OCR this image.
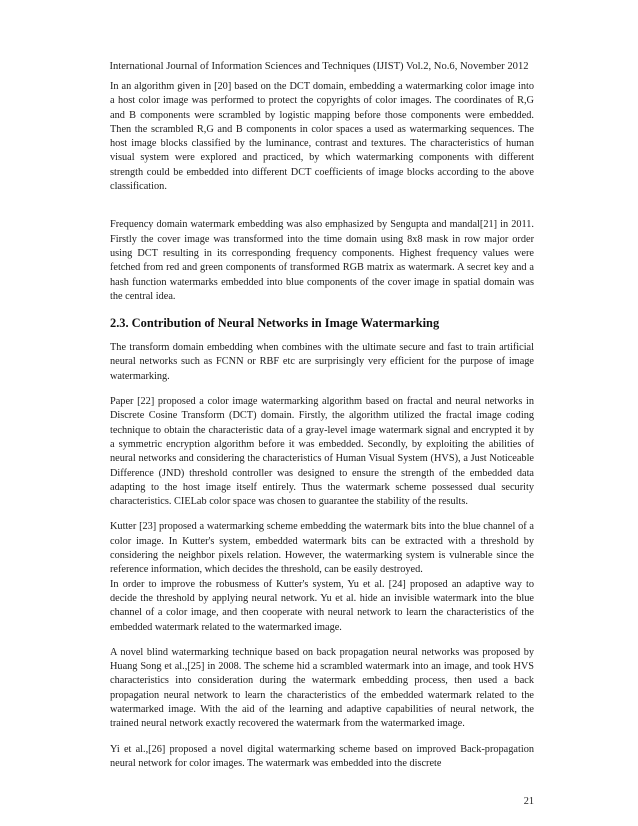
International Journal of Information Sciences and Techniques (IJIST) Vol.2, No.6, November 2012

In an algorithm given in [20] based on the DCT domain, embedding a watermarking color image into a host color image was performed to protect the copyrights of color images. The coordinates of R,G and B components were scrambled by logistic mapping before those components were embedded. Then the scrambled R,G and B components in color spaces a used as watermarking sequences. The host image blocks classified by the luminance, contrast and textures. The characteristics of human visual system were explored and practiced, by which watermarking components with different strength could be embedded into different DCT coefficients of image blocks according to the above classification.

Frequency domain watermark embedding was also emphasized by Sengupta and mandal[21] in 2011. Firstly the cover image was transformed into the time domain using 8x8 mask in row major order using DCT resulting in its corresponding frequency components. Highest frequency values were fetched from red and green components of transformed RGB matrix as watermark. A secret key and a hash function watermarks embedded into blue components of the cover image in spatial domain was the central idea.

2.3. Contribution of Neural Networks in Image Watermarking

The transform domain embedding when combines with the ultimate secure and fast to train artificial neural networks such as FCNN or RBF etc are surprisingly very efficient for the purpose of image watermarking.

Paper [22] proposed a color image watermarking algorithm based on fractal and neural networks in Discrete Cosine Transform (DCT) domain. Firstly, the algorithm utilized the fractal image coding technique to obtain the characteristic data of a gray-level image watermark signal and encrypted it by a symmetric encryption algorithm before it was embedded. Secondly, by exploiting the abilities of neural networks and considering the characteristics of Human Visual System (HVS), a Just Noticeable Difference (JND) threshold controller was designed to ensure the strength of the embedded data adapting to the host image itself entirely. Thus the watermark scheme possessed dual security characteristics. CIELab color space was chosen to guarantee the stability of the results.

Kutter [23] proposed a watermarking scheme embedding the watermark bits into the blue channel of a color image. In Kutter's system, embedded watermark bits can be extracted with a threshold by considering the neighbor pixels relation. However, the watermarking system is vulnerable since the reference information, which decides the threshold, can be easily destroyed.

In order to improve the robusmess of Kutter's system, Yu et al. [24] proposed an adaptive way to decide the threshold by applying neural network. Yu et al. hide an invisible watermark into the blue channel of a color image, and then cooperate with neural network to learn the characteristics of the embedded watermark related to the watermarked image.

A novel blind watermarking technique based on back propagation neural networks was proposed by Huang Song et al.,[25] in 2008. The scheme hid a scrambled watermark into an image, and took HVS characteristics into consideration during the watermark embedding process, then used a back propagation neural network to learn the characteristics of the embedded watermark related to the watermarked image. With the aid of the learning and adaptive capabilities of neural network, the trained neural network exactly recovered the watermark from the watermarked image.

Yi et al.,[26] proposed a novel digital watermarking scheme based on improved Back-propagation neural network for color images. The watermark was embedded into the discrete

21
